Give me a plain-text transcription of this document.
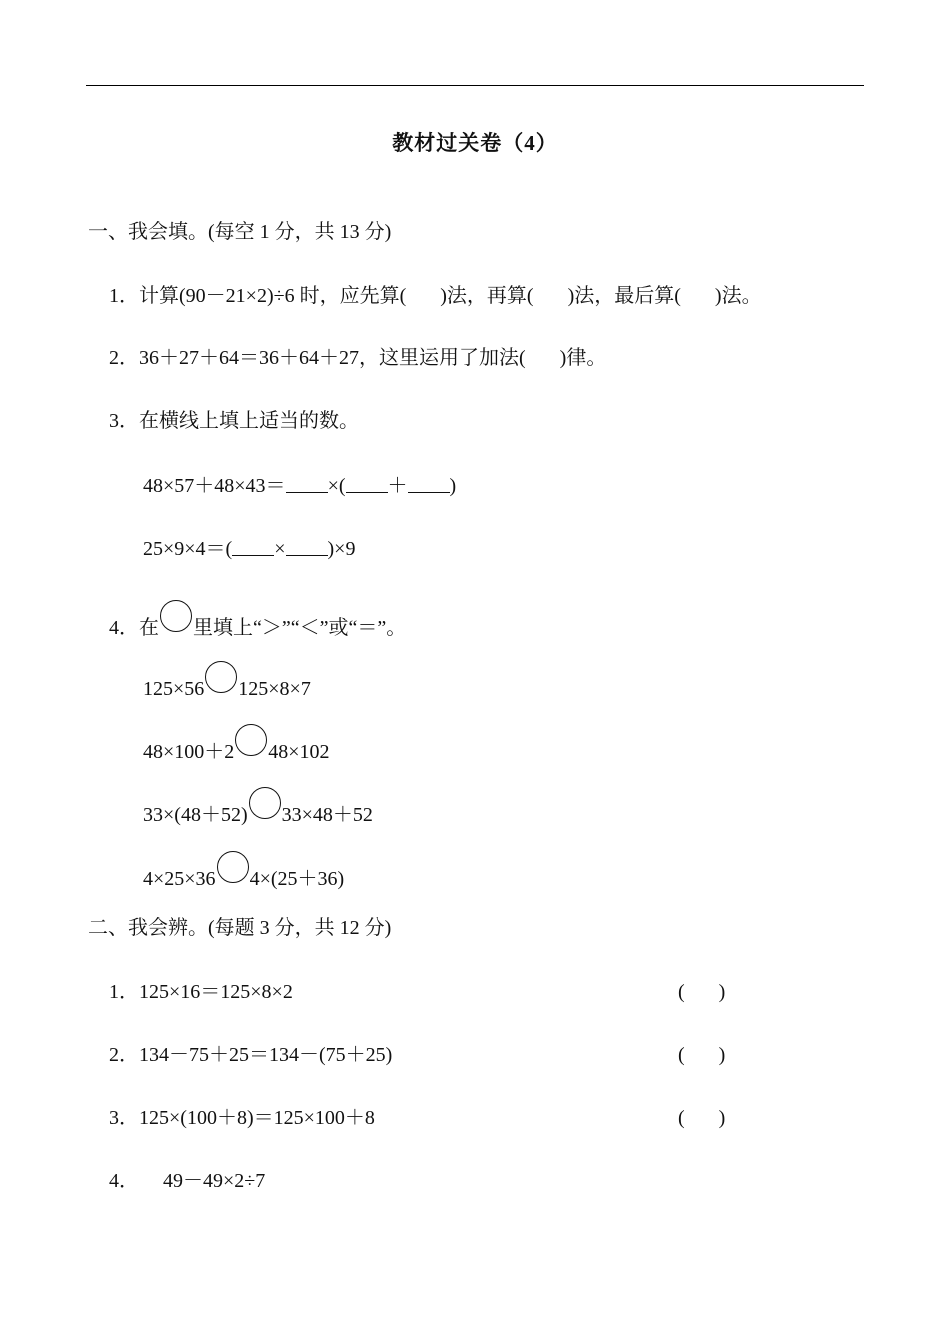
教材过关卷（4）
一、我会填。(每空 1 分，共 13 分)
1．计算(90－21×2)÷6 时，应先算( )法，再算( )法，最后算( )法。
2．36＋27＋64＝36＋64＋27，这里运用了加法( )律。
3．在横线上填上适当的数。
48×57＋48×43＝ ×( ＋ )
25×9×4＝( × )×9
4．在 里填上“＞”“＜”或“＝”。
125×56 125×8×7
48×100＋2 48×102
33×(48＋52) 33×48＋52
4×25×36 4×(25＋36)
二、我会辨。(每题 3 分，共 12 分)
1．125×16＝125×8×2	( )
2．134－75＋25＝134－(75＋25)	( )
3．125×(100＋8)＝125×100＋8	( )
4． 49－49×2÷7
